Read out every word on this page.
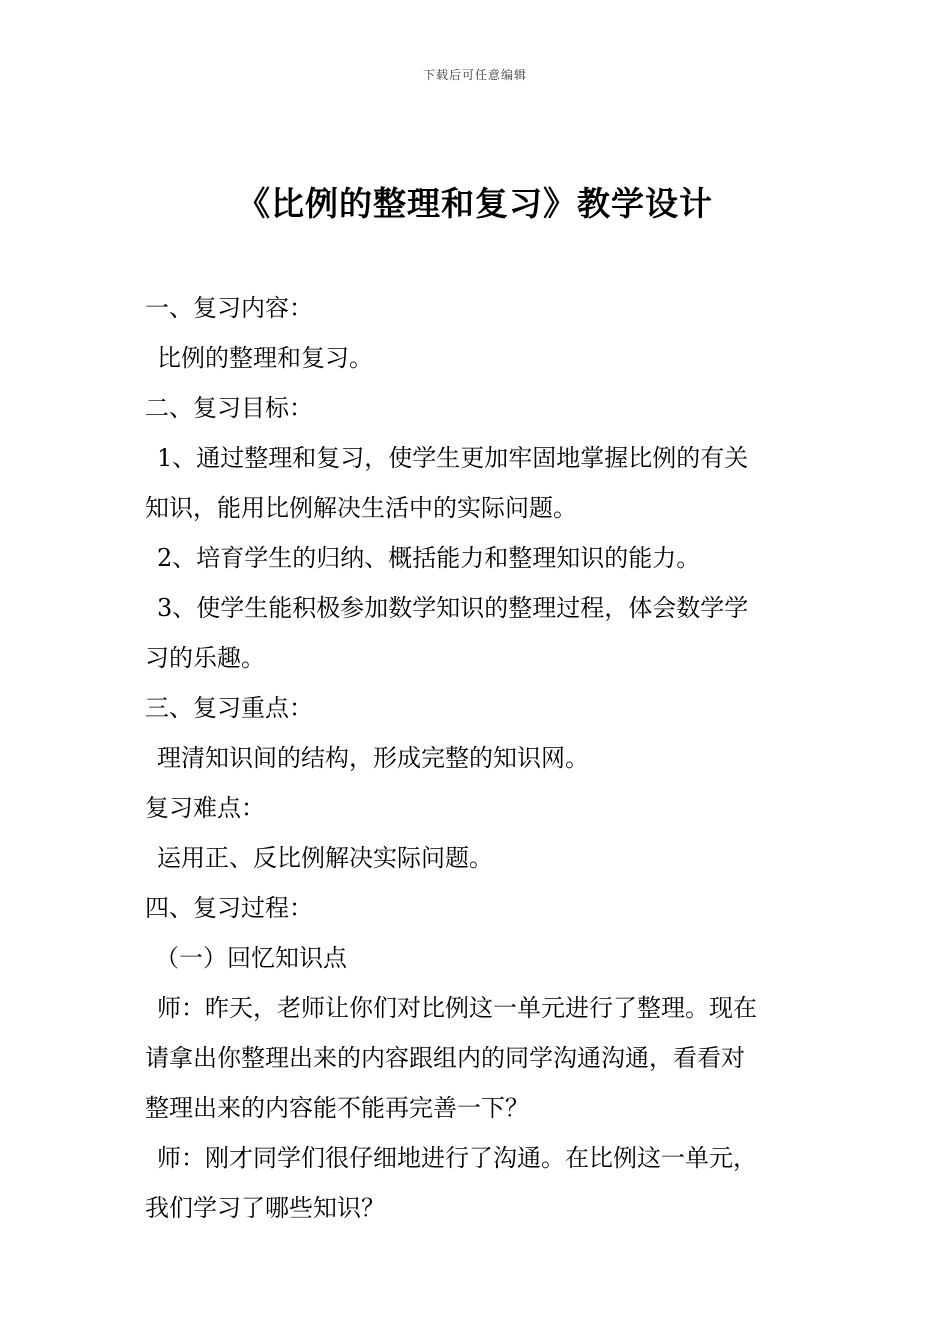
下载后可任意编辑
《比例的整理和复习》教学设计
一、复习内容：
比例的整理和复习。
二、复习目标：
1、通过整理和复习，使学生更加牢固地掌握比例的有关
知识，能用比例解决生活中的实际问题。
2、培育学生的归纳、概括能力和整理知识的能力。
3、使学生能积极参加数学知识的整理过程，体会数学学
习的乐趣。
三、复习重点：
理清知识间的结构，形成完整的知识网。
复习难点：
运用正、反比例解决实际问题。
四、复习过程：
（一）回忆知识点
师：昨天，老师让你们对比例这一单元进行了整理。现在
请拿出你整理出来的内容跟组内的同学沟通沟通，看看对
整理出来的内容能不能再完善一下？
师：刚才同学们很仔细地进行了沟通。在比例这一单元，
我们学习了哪些知识？
